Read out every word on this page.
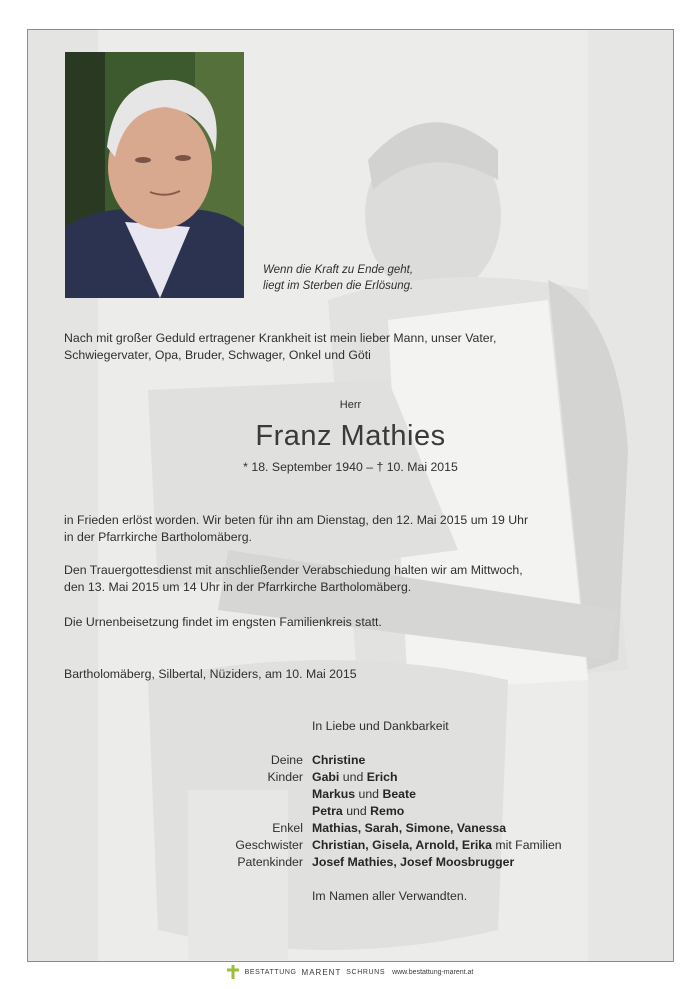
Wenn die Kraft zu Ende geht,
liegt im Sterben die Erlösung.
Nach mit großer Geduld ertragener Krankheit ist mein lieber Mann, unser Vater,
Schwiegervater, Opa, Bruder, Schwager, Onkel und Göti
Herr
Franz Mathies
* 18. September 1940 – † 10. Mai 2015
in Frieden erlöst worden. Wir beten für ihn am Dienstag, den 12. Mai 2015 um 19 Uhr
in der Pfarrkirche Bartholomäberg.
Den Trauergottesdienst mit anschließender Verabschiedung halten wir am Mittwoch,
den 13. Mai 2015 um 14 Uhr in der Pfarrkirche Bartholomäberg.
Die Urnenbeisetzung findet im engsten Familienkreis statt.
Bartholomäberg, Silbertal, Nüziders, am 10. Mai 2015
In Liebe und Dankbarkeit
Deine Christine
Kinder Gabi und Erich
Markus und Beate
Petra und Remo
Enkel Mathias, Sarah, Simone, Vanessa
Geschwister Christian, Gisela, Arnold, Erika mit Familien
Patenkinder Josef Mathies, Josef Moosbrugger
Im Namen aller Verwandten.
BESTATTUNG MARENT SCHRUNS www.bestattung-marent.at
